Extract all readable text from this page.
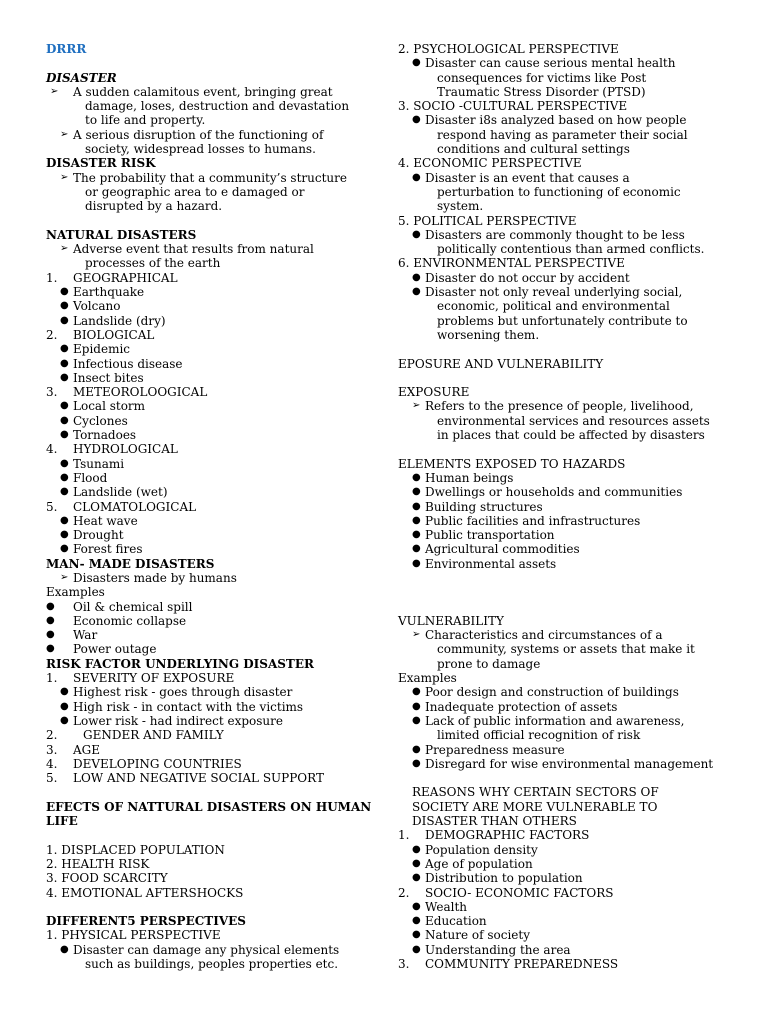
DRRR
DISASTER
➢ A sudden calamitous event, bringing great
damage, loses, destruction and devastation
to life and property.
➢ A serious disruption of the functioning of
society, widespread losses to humans.
DISASTER RISK
➢ The probability that a community’s structure
or geographic area to e damaged or
disrupted by a hazard.
NATURAL DISASTERS
➢ Adverse event that results from natural
processes of the earth
1. GEOGRAPHICAL
● Earthquake
● Volcano
● Landslide (dry)
2. BIOLOGICAL
● Epidemic
● Infectious disease
● Insect bites
3. METEOROLOOGICAL
● Local storm
● Cyclones
● Tornadoes
4. HYDROLOGICAL
● Tsunami
● Flood
● Landslide (wet)
5. CLOMATOLOGICAL
● Heat wave
● Drought
● Forest fires
MAN- MADE DISASTERS
➢ Disasters made by humans
Examples
● Oil & chemical spill
● Economic collapse
● War
● Power outage
RISK FACTOR UNDERLYING DISASTER
1. SEVERITY OF EXPOSURE
● Highest risk - goes through disaster
● High risk - in contact with the victims
● Lower risk - had indirect exposure
2. GENDER AND FAMILY
3. AGE
4. DEVELOPING COUNTRIES
5. LOW AND NEGATIVE SOCIAL SUPPORT
EFECTS OF NATTURAL DISASTERS ON HUMAN
LIFE
1. DISPLACED POPULATION
2. HEALTH RISK
3. FOOD SCARCITY
4. EMOTIONAL AFTERSHOCKS
DIFFERENT5 PERSPECTIVES
1. PHYSICAL PERSPECTIVE
● Disaster can damage any physical elements
such as buildings, peoples properties etc.
2. PSYCHOLOGICAL PERSPECTIVE
● Disaster can cause serious mental health
consequences for victims like Post
Traumatic Stress Disorder (PTSD)
3. SOCIO -CULTURAL PERSPECTIVE
● Disaster i8s analyzed based on how people
respond having as parameter their social
conditions and cultural settings
4. ECONOMIC PERSPECTIVE
● Disaster is an event that causes a
perturbation to functioning of economic
system.
5. POLITICAL PERSPECTIVE
● Disasters are commonly thought to be less
politically contentious than armed conflicts.
6. ENVIRONMENTAL PERSPECTIVE
● Disaster do not occur by accident
● Disaster not only reveal underlying social,
economic, political and environmental
problems but unfortunately contribute to
worsening them.
EPOSURE AND VULNERABILITY
EXPOSURE
➢ Refers to the presence of people, livelihood,
environmental services and resources assets
in places that could be affected by disasters
ELEMENTS EXPOSED TO HAZARDS
● Human beings
● Dwellings or households and communities
● Building structures
● Public facilities and infrastructures
● Public transportation
● Agricultural commodities
● Environmental assets
VULNERABILITY
➢ Characteristics and circumstances of a
community, systems or assets that make it
prone to damage
Examples
● Poor design and construction of buildings
● Inadequate protection of assets
● Lack of public information and awareness,
limited official recognition of risk
● Preparedness measure
● Disregard for wise environmental management
REASONS WHY CERTAIN SECTORS OF
SOCIETY ARE MORE VULNERABLE TO
DISASTER THAN OTHERS
1. DEMOGRAPHIC FACTORS
● Population density
● Age of population
● Distribution to population
2. SOCIO- ECONOMIC FACTORS
● Wealth
● Education
● Nature of society
● Understanding the area
3. COMMUNITY PREPAREDNESS
